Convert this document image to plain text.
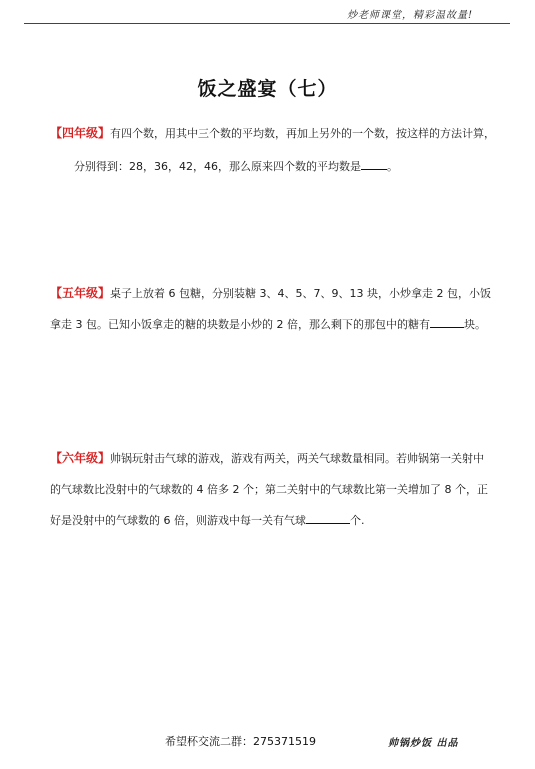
炒老师课堂，精彩温故量!
饭之盛宴（七）
【四年级】有四个数，用其中三个数的平均数，再加上另外的一个数，按这样的方法计算，
分别得到：28，36，42，46，那么原来四个数的平均数是 。
【五年级】桌子上放着 6 包糖，分别装糖 3、4、5、7、9、13 块，小炒拿走 2 包，小饭
拿走 3 包。已知小饭拿走的糖的块数是小炒的 2 倍，那么剩下的那包中的糖有	块。
【六年级】帅锅玩射击气球的游戏，游戏有两关，两关气球数量相同。若帅锅第一关射中
的气球数比没射中的气球数的 4 倍多 2 个；第二关射中的气球数比第一关增加了 8 个，正
好是没射中的气球数的 6 倍，则游戏中每一关有气球	个.
希望杯交流二群：275371519	帅锅炒饭 出品
